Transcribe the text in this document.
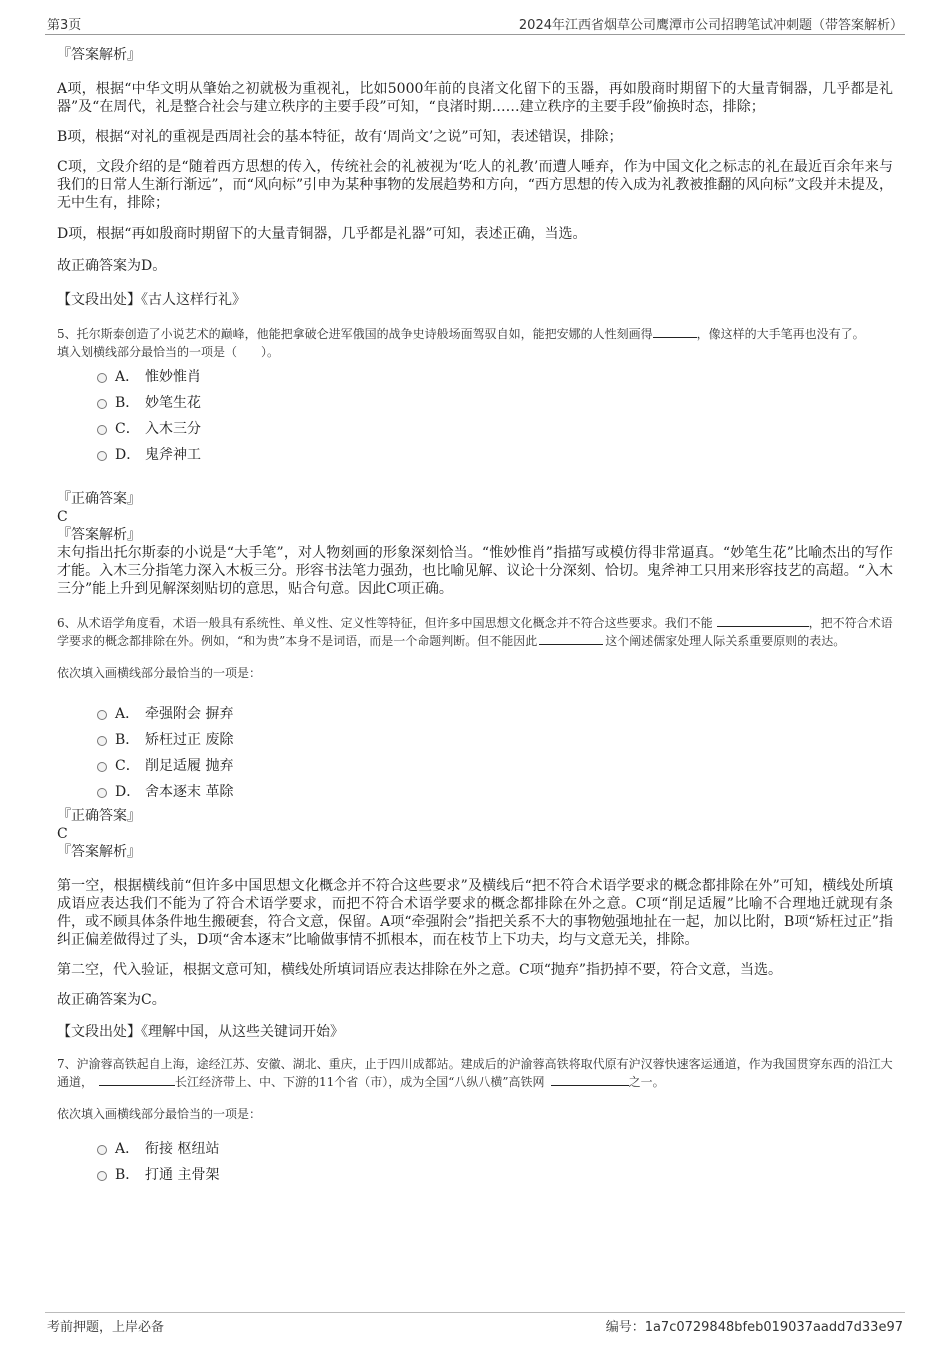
第3页	2024年江西省烟草公司鹰潭市公司招聘笔试冲刺题（带答案解析）

『答案解析』

A项，根据“中华文明从肇始之初就极为重视礼，比如5000年前的良渚文化留下的玉器，再如殷商时期留下的大量青铜器，几乎都是礼器”及“在周代，礼是整合社会与建立秩序的主要手段”可知，“良渚时期……建立秩序的主要手段”偷换时态，排除；

B项，根据“对礼的重视是西周社会的基本特征，故有‘周尚文’之说”可知，表述错误，排除；

C项，文段介绍的是“随着西方思想的传入，传统社会的礼被视为‘吃人的礼教’而遭人唾弃，作为中国文化之标志的礼在最近百余年来与我们的日常人生渐行渐远”，而“风向标”引申为某种事物的发展趋势和方向，“西方思想的传入成为礼教被推翻的风向标”文段并未提及，无中生有，排除；

D项，根据“再如殷商时期留下的大量青铜器，几乎都是礼器”可知，表述正确，当选。

故正确答案为D。

【文段出处】《古人这样行礼》

5、托尔斯泰创造了小说艺术的巅峰，他能把拿破仑进军俄国的战争史诗般场面驾驭自如，能把安娜的人性刻画得	，像这样的大手笔再也没有了。

填入划横线部分最恰当的一项是（　　）。

A． 惟妙惟肖
B． 妙笔生花
C． 入木三分
D． 鬼斧神工

『正确答案』

C

『答案解析』

末句指出托尔斯泰的小说是“大手笔”，对人物刻画的形象深刻恰当。“惟妙惟肖”指描写或模仿得非常逼真。“妙笔生花”比喻杰出的写作才能。入木三分指笔力深入木板三分。形容书法笔力强劲，也比喻见解、议论十分深刻、恰切。鬼斧神工只用来形容技艺的高超。“入木三分”能上升到见解深刻贴切的意思，贴合句意。因此C项正确。

6、从术语学角度看，术语一般具有系统性、单义性、定义性等特征，但许多中国思想文化概念并不符合这些要求。我们不能	，把不符合术语学要求的概念都排除在外。例如，“和为贵”本身不是词语，而是一个命题判断。但不能因此	这个阐述儒家处理人际关系重要原则的表达。

依次填入画横线部分最恰当的一项是：

A． 牵强附会 摒弃
B． 矫枉过正 废除
C． 削足适履 抛弃
D． 舍本逐末 革除

『正确答案』

C

『答案解析』

第一空，根据横线前“但许多中国思想文化概念并不符合这些要求”及横线后“把不符合术语学要求的概念都排除在外”可知，横线处所填成语应表达我们不能为了符合术语学要求，而把不符合术语学要求的概念都排除在外之意。C项“削足适履”比喻不合理地迁就现有条件，或不顾具体条件地生搬硬套，符合文意，保留。A项“牵强附会”指把关系不大的事物勉强地扯在一起，加以比附，B项“矫枉过正”指纠正偏差做得过了头，D项“舍本逐末”比喻做事情不抓根本，而在枝节上下功夫，均与文意无关，排除。

第二空，代入验证，根据文意可知，横线处所填词语应表达排除在外之意。C项“抛弃”指扔掉不要，符合文意，当选。

故正确答案为C。

【文段出处】《理解中国，从这些关键词开始》

7、沪渝蓉高铁起自上海，途经江苏、安徽、湖北、重庆，止于四川成都站。建成后的沪渝蓉高铁将取代原有沪汉蓉快速客运通道，作为我国贯穿东西的沿江大通道，	长江经济带上、中、下游的11个省（市），成为全国“八纵八横”高铁网	之一。

依次填入画横线部分最恰当的一项是：

A． 衔接 枢纽站
B． 打通 主骨架
考前押题，上岸必备	编号：1a7c0729848bfeb019037aadd7d33e97
